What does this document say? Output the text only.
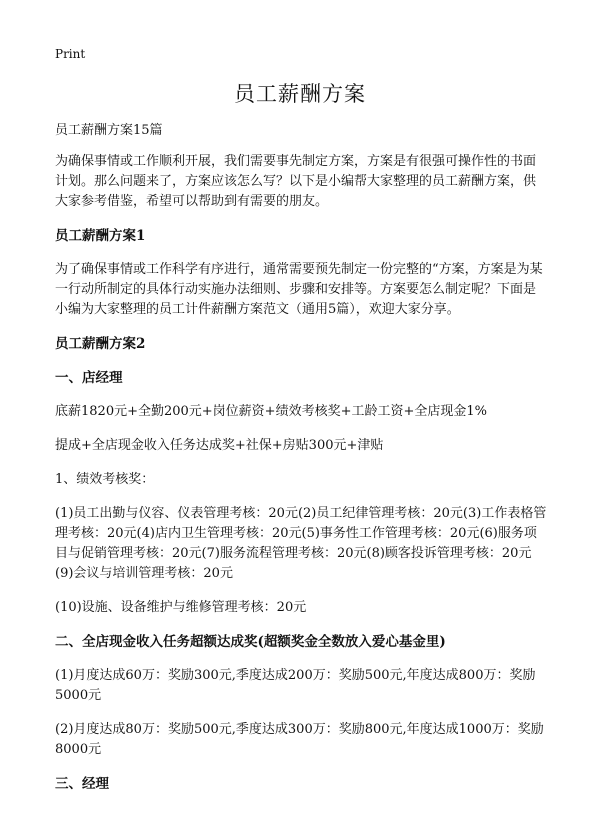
Print
员工薪酬方案

员工薪酬方案15篇

为确保事情或工作顺利开展，我们需要事先制定方案，方案是有很强可操作性的书面计划。那么问题来了，方案应该怎么写？以下是小编帮大家整理的员工薪酬方案，供大家参考借鉴，希望可以帮助到有需要的朋友。

员工薪酬方案1

为了确保事情或工作科学有序进行，通常需要预先制定一份完整的“方案，方案是为某一行动所制定的具体行动实施办法细则、步骤和安排等。方案要怎么制定呢？下面是小编为大家整理的员工计件薪酬方案范文（通用5篇），欢迎大家分享。

员工薪酬方案2

一、店经理

底薪1820元+全勤200元+岗位薪资+绩效考核奖+工龄工资+全店现金1%

提成+全店现金收入任务达成奖+社保+房贴300元+津贴

1、绩效考核奖：

(1)员工出勤与仪容、仪表管理考核：20元(2)员工纪律管理考核：20元(3)工作表格管理考核：20元(4)店内卫生管理考核：20元(5)事务性工作管理考核：20元(6)服务项目与促销管理考核：20元(7)服务流程管理考核：20元(8)顾客投诉管理考核：20元(9)会议与培训管理考核：20元

(10)设施、设备维护与维修管理考核：20元

二、全店现金收入任务超额达成奖(超额奖金全数放入爱心基金里)

(1)月度达成60万：奖励300元,季度达成200万：奖励500元,年度达成800万：奖励5000元

(2)月度达成80万：奖励500元,季度达成300万：奖励800元,年度达成1000万：奖励8000元

三、经理
